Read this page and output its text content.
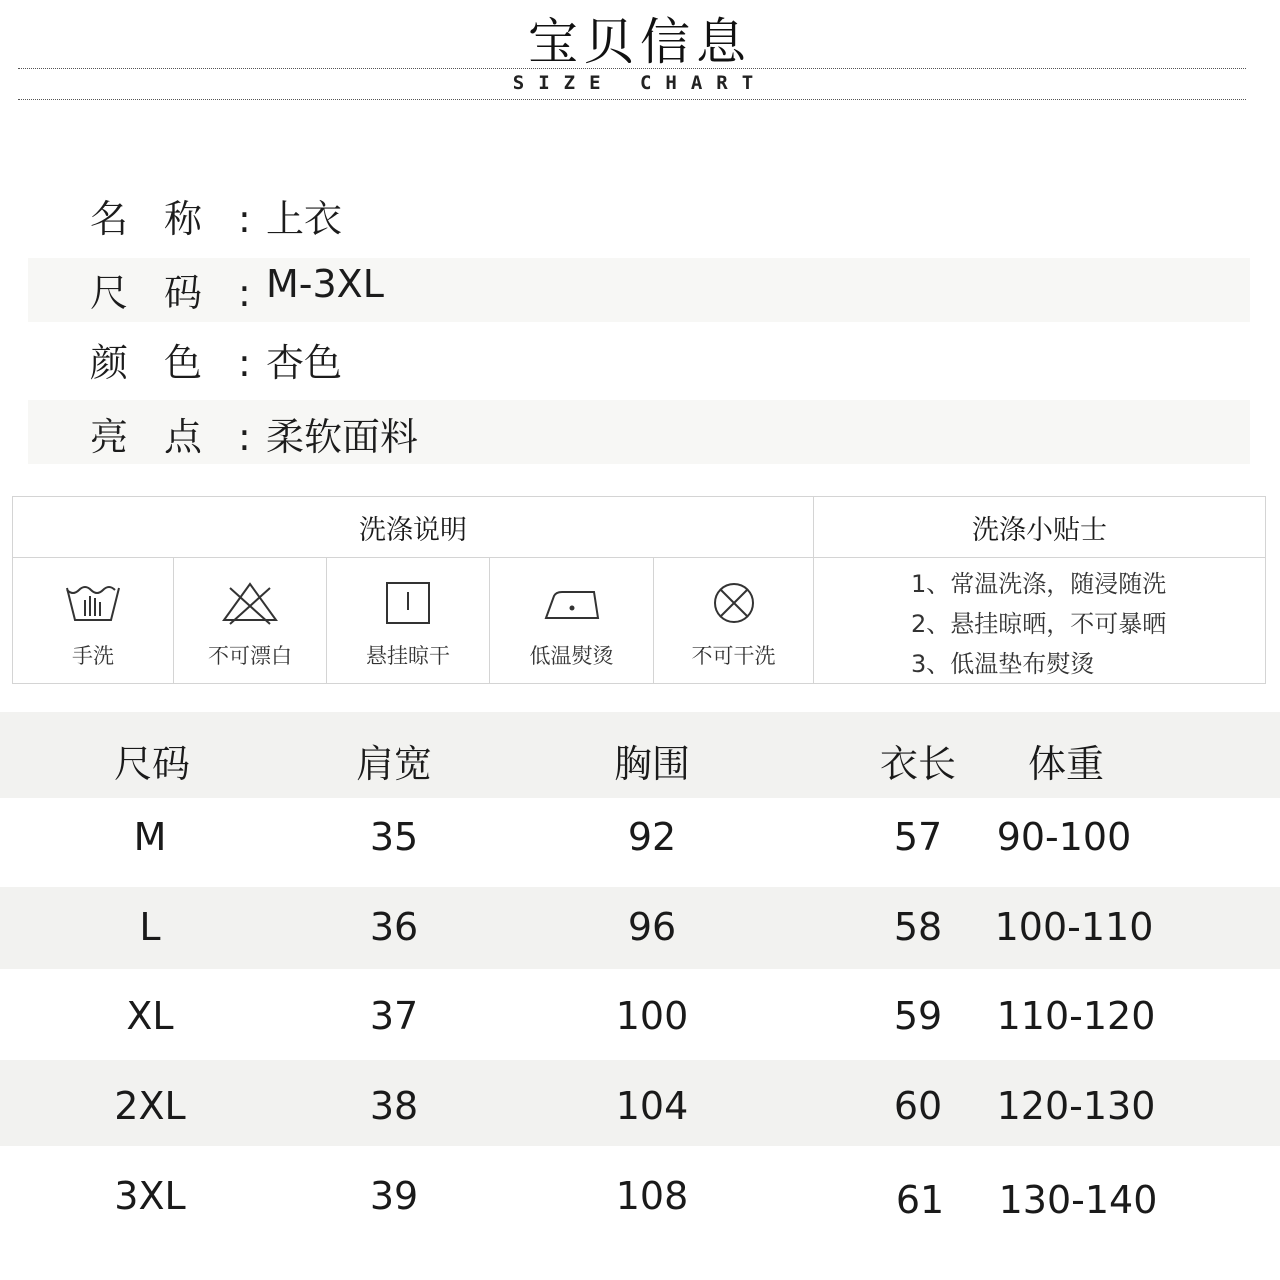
宝贝信息
SIZE CHART
名称:
上衣
尺码:
M-3XL
颜色:
杏色
亮点:
柔软面料
洗涤说明	洗涤小贴士
手洗	不可漂白	悬挂晾干	低温熨烫	不可干洗
1、常温洗涤，随浸随洗
2、悬挂晾晒，不可暴晒
3、低温垫布熨烫
尺码	肩宽	胸围	衣长	体重
M	35	92	57	90-100
L	36	96	58	100-110
XL	37	100	59	110-120
2XL	38	104	60	120-130
3XL	39	108	61	130-140
